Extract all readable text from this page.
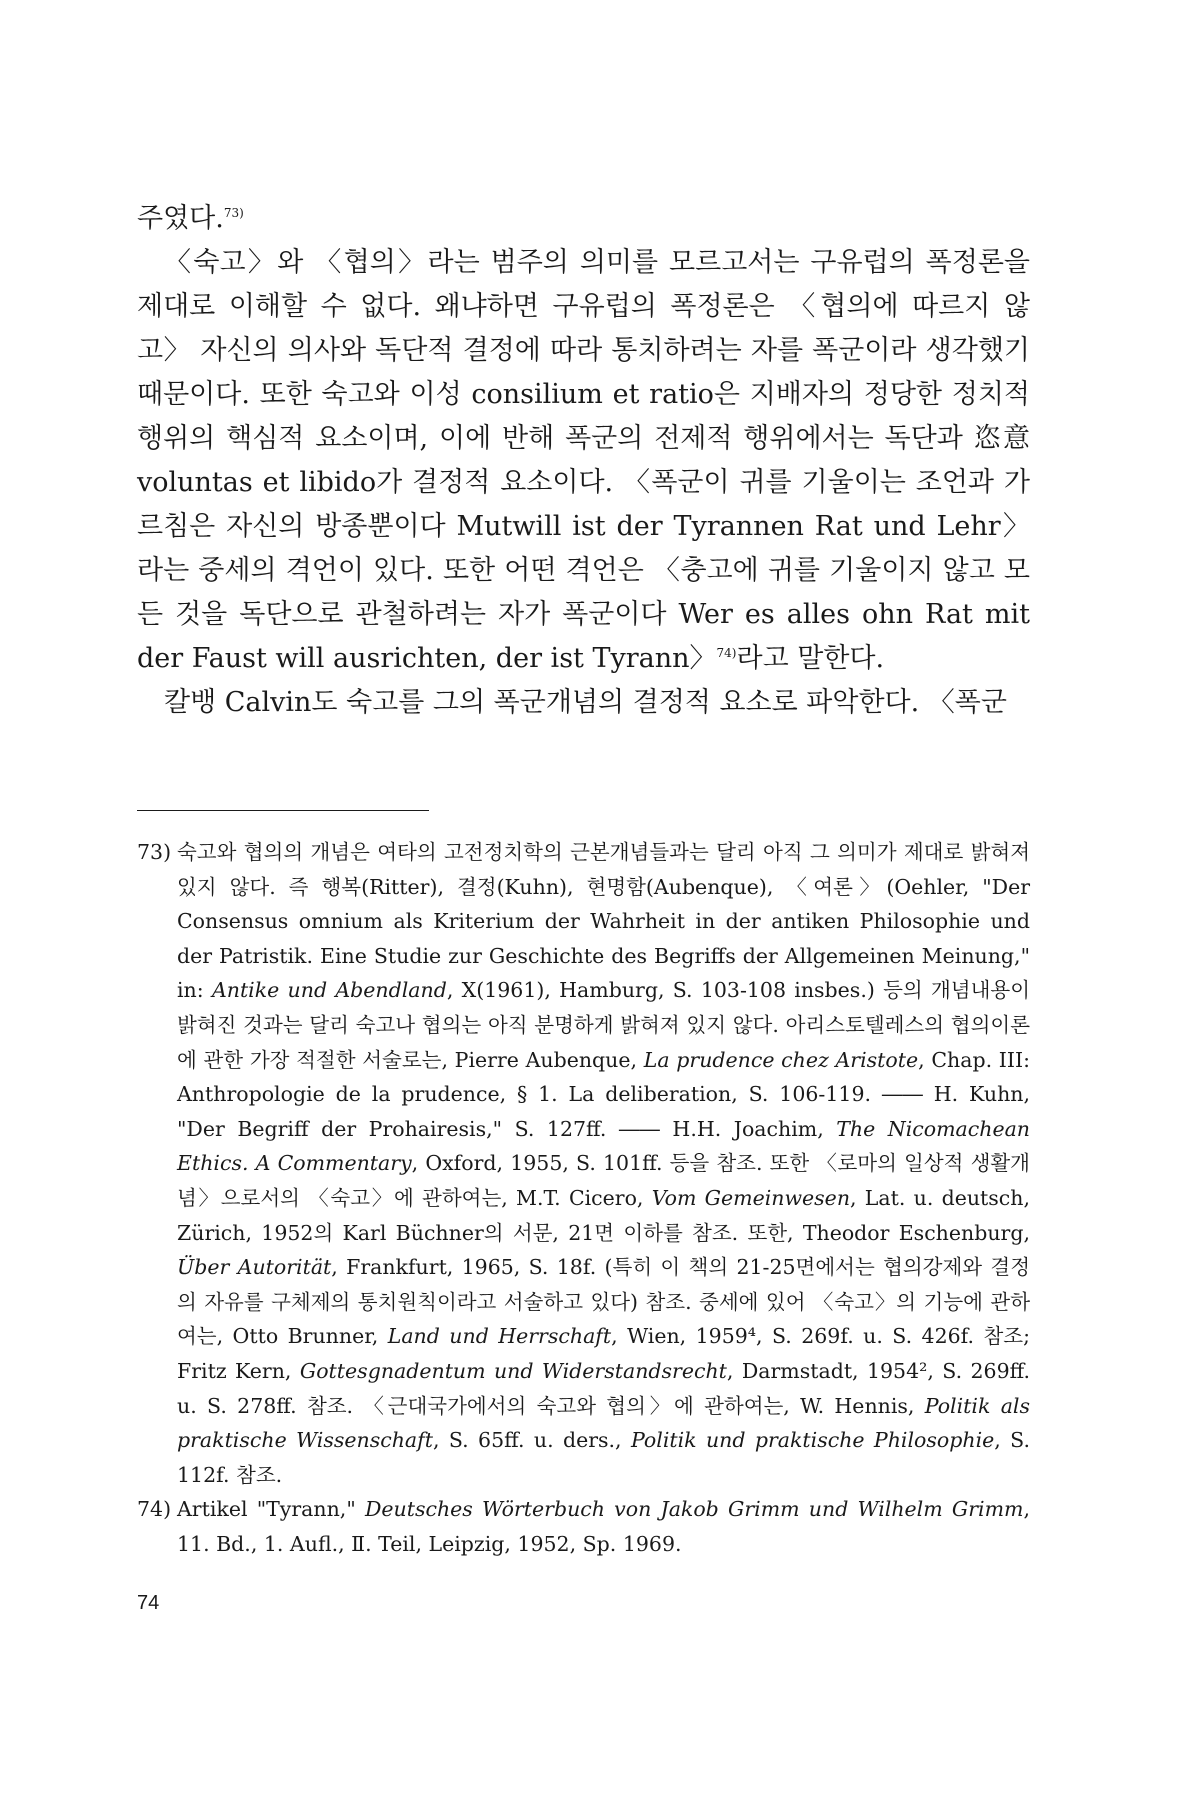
주였다.$^{73)}$

〈숙고〉와 〈협의〉라는 범주의 의미를 모르고서는 구유럽의 폭정론을 제대로 이해할 수 없다. 왜냐하면 구유럽의 폭정론은 〈협의에 따르지 않고〉 자신의 의사와 독단적 결정에 따라 통치하려는 자를 폭군이라 생각했기 때문이다. 또한 숙고와 이성 consilium et ratio은 지배자의 정당한 정치적 행위의 핵심적 요소이며, 이에 반해 폭군의 전제적 행위에서는 독단과 恣意 voluntas et libido가 결정적 요소이다. 〈폭군이 귀를 기울이는 조언과 가르침은 자신의 방종뿐이다 Mutwill ist der Tyrannen Rat und Lehr〉라는 중세의 격언이 있다. 또한 어떤 격언은 〈충고에 귀를 기울이지 않고 모든 것을 독단으로 관철하려는 자가 폭군이다 Wer es alles ohn Rat mit der Faust will ausrichten, der ist Tyrann〉$^{74)}$라고 말한다.

칼뱅 Calvin도 숙고를 그의 폭군개념의 결정적 요소로 파악한다. 〈폭군

73) 숙고와 협의의 개념은 여타의 고전정치학의 근본개념들과는 달리 아직 그 의미가 제대로 밝혀져 있지 않다. 즉 행복(Ritter), 결정(Kuhn), 현명함(Aubenque), 〈여론〉(Oehler, "Der Consensus omnium als Kriterium der Wahrheit in der antiken Philosophie und der Patristik. Eine Studie zur Geschichte des Begriffs der Allgemeinen Meinung," in: Antike und Abendland, X(1961), Hamburg, S. 103-108 insbes.) 등의 개념내용이 밝혀진 것과는 달리 숙고나 협의는 아직 분명하게 밝혀져 있지 않다. 아리스토텔레스의 협의이론에 관한 가장 적절한 서술로는, Pierre Aubenque, La prudence chez Aristote, Chap. III: Anthropologie de la prudence, § 1. La deliberation, S. 106-119. ―― H. Kuhn, "Der Begriff der Prohairesis," S. 127ff. ―― H.H. Joachim, The Nicomachean Ethics. A Commentary, Oxford, 1955, S. 101ff. 등을 참조. 또한 〈로마의 일상적 생활개념〉으로서의 〈숙고〉에 관하여는, M.T. Cicero, Vom Gemeinwesen, Lat. u. deutsch, Zürich, 1952의 Karl Büchner의 서문, 21면 이하를 참조. 또한, Theodor Eschenburg, Über Autorität, Frankfurt, 1965, S. 18f. (특히 이 책의 21-25면에서는 협의강제와 결정의 자유를 구체제의 통치원칙이라고 서술하고 있다) 참조. 중세에 있어 〈숙고〉의 기능에 관하여는, Otto Brunner, Land und Herrschaft, Wien, 1959⁴, S. 269f. u. S. 426f. 참조; Fritz Kern, Gottesgnadentum und Widerstandsrecht, Darmstadt, 1954², S. 269ff. u. S. 278ff. 참조. 〈근대국가에서의 숙고와 협의〉에 관하여는, W. Hennis, Politik als praktische Wissenschaft, S. 65ff. u. ders., Politik und praktische Philosophie, S. 112f. 참조.

74) Artikel "Tyrann," Deutsches Wörterbuch von Jakob Grimm und Wilhelm Grimm, 11. Bd., 1. Aufl., Ⅱ. Teil, Leipzig, 1952, Sp. 1969.

74
